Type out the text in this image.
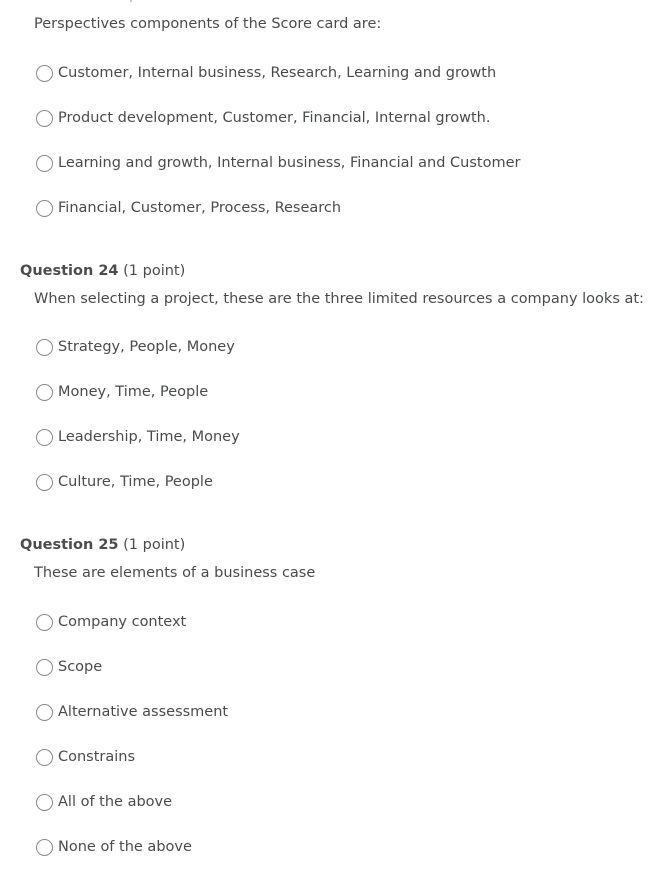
Perspectives components of the Score card are:
Customer, Internal business, Research, Learning and growth
Product development, Customer, Financial, Internal growth.
Learning and growth, Internal business, Financial and Customer
Financial, Customer, Process, Research
Question 24 (1 point)
When selecting a project, these are the three limited resources a company looks at:
Strategy, People, Money
Money, Time, People
Leadership, Time, Money
Culture, Time, People
Question 25 (1 point)
These are elements of a business case
Company context
Scope
Alternative assessment
Constrains
All of the above
None of the above
